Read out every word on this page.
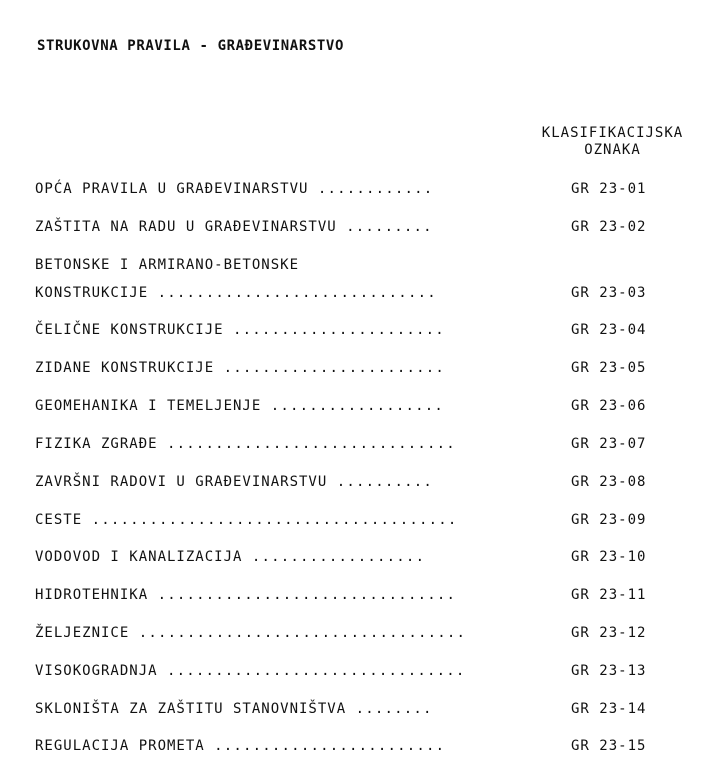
STRUKOVNA PRAVILA - GRAĐEVINARSTVO
KLASIFIKACIJSKA
OZNAKA
OPĆA PRAVILA U GRAĐEVINARSTVU ............	GR 23-01
ZAŠTITA NA RADU U GRAĐEVINARSTVU .........	GR 23-02
BETONSKE I ARMIRANO-BETONSKE
KONSTRUKCIJE .............................	GR 23-03
ČELIČNE KONSTRUKCIJE ......................	GR 23-04
ZIDANE KONSTRUKCIJE .......................	GR 23-05
GEOMEHANIKA I TEMELJENJE ..................	GR 23-06
FIZIKA ZGRAĐE ..............................	GR 23-07
ZAVRŠNI RADOVI U GRAĐEVINARSTVU ..........	GR 23-08
CESTE ......................................	GR 23-09
VODOVOD I KANALIZACIJA ..................	GR 23-10
HIDROTEHNIKA ...............................	GR 23-11
ŽELJEZNICE ..................................	GR 23-12
VISOKOGRADNJA ...............................	GR 23-13
SKLONIŠTA ZA ZAŠTITU STANOVNIŠTVA ........	GR 23-14
REGULACIJA PROMETA ........................	GR 23-15
